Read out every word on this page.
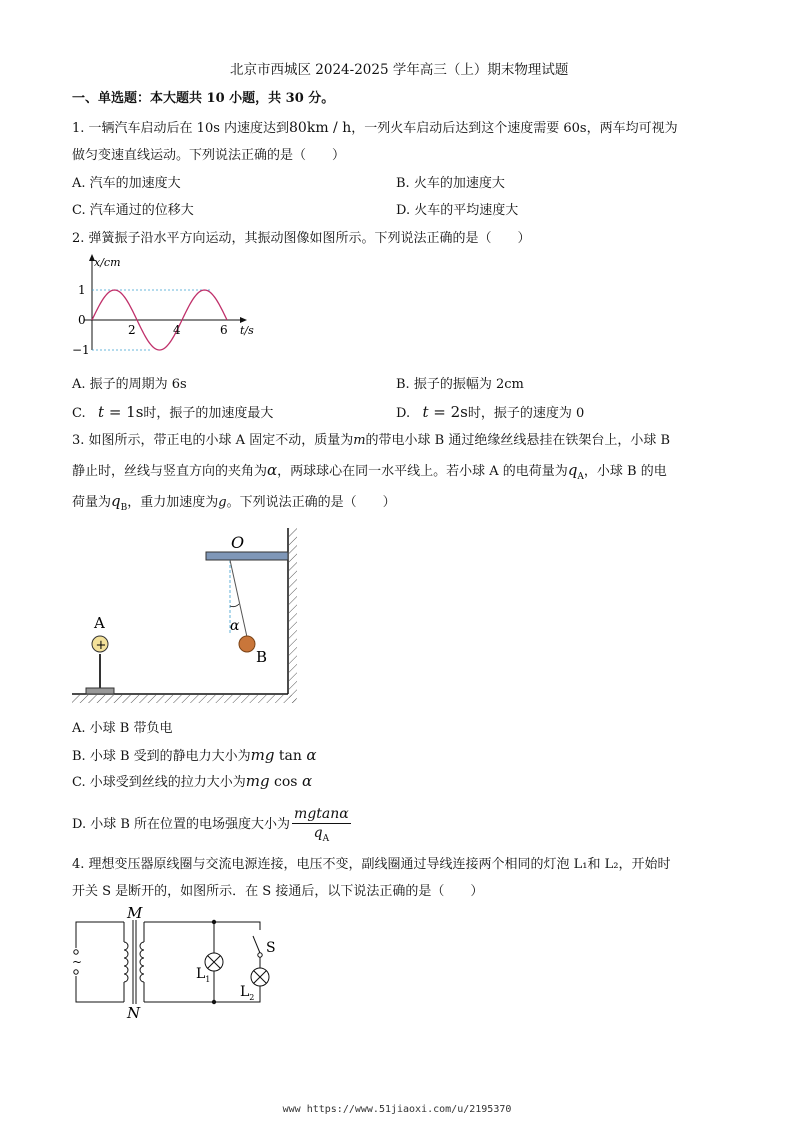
北京市西城区 2024-2025 学年高三（上）期末物理试题
一、单选题：本大题共 10 小题，共 30 分。
1. 一辆汽车启动后在 10s 内速度达到80km / h，一列火车启动后达到这个速度需要 60s，两车均可视为
做匀变速直线运动。下列说法正确的是（　　）
A. 汽车的加速度大	B. 火车的加速度大
C. 汽车通过的位移大	D. 火车的平均速度大
2. 弹簧振子沿水平方向运动，其振动图像如图所示。下列说法正确的是（　　）
x/cm
t/s
1
0
−1
2	4	6
A. 振子的周期为 6s	B. 振子的振幅为 2cm
C. t = 1s时，振子的加速度最大	D. t = 2s时，振子的速度为 0
3. 如图所示，带正电的小球 A 固定不动，质量为m的带电小球 B 通过绝缘丝线悬挂在铁架台上，小球 B
静止时，丝线与竖直方向的夹角为α，两球球心在同一水平线上。若小球 A 的电荷量为$q_A$，小球 B 的电
荷量为$q_B$，重力加速度为g。下列说法正确的是（　　）
O
α
B
+
A
A. 小球 B 带负电
B. 小球 B 受到的静电力大小为mg tan α
C. 小球受到丝线的拉力大小为mg cos α
D. 小球 B 所在位置的电场强度大小为 $\frac{mgtan\alpha}{q_A}$
4. 理想变压器原线圈与交流电源连接，电压不变，副线圈通过导线连接两个相同的灯泡 L₁和 L₂，开始时
开关 S 是断开的，如图所示．在 S 接通后，以下说法正确的是（　　）
~
M
N
$L_1$
S
$L_2$
www https://www.51jiaoxi.com/u/2195370
